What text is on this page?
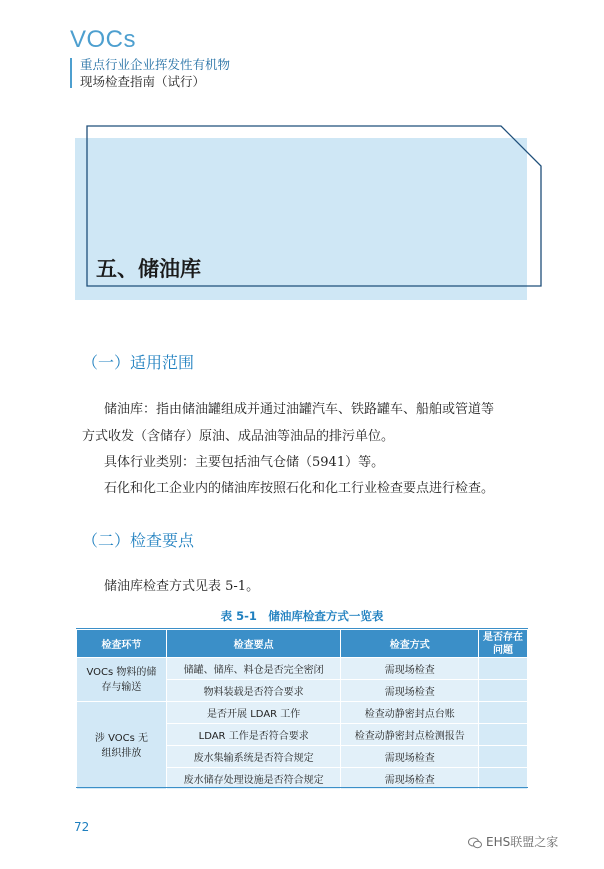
VOCs
重点行业企业挥发性有机物
现场检查指南（试行）
五、储油库
（一）适用范围
储油库：指由储油罐组成并通过油罐汽车、铁路罐车、船舶或管道等
方式收发（含储存）原油、成品油等油品的排污单位。
具体行业类别：主要包括油气仓储（5941）等。
石化和化工企业内的储油库按照石化和化工行业检查要点进行检查。
（二）检查要点
储油库检查方式见表 5-1。
表 5-1　储油库检查方式一览表
检查环节	检查要点	检查方式	是否存在问题
VOCs 物料的储存与输送	储罐、储库、料仓是否完全密闭	需现场检查	
	物料装载是否符合要求	需现场检查	
涉 VOCs 无组织排放	是否开展 LDAR 工作	检查动静密封点台账	
	LDAR 工作是否符合要求	检查动静密封点检测报告	
	废水集输系统是否符合规定	需现场检查	
	废水储存处理设施是否符合规定	需现场检查	
72
EHS联盟之家
